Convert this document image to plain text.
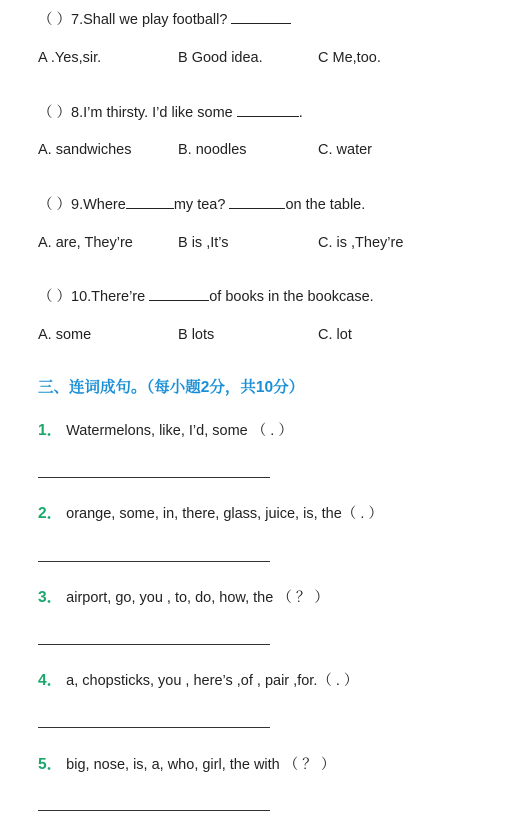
（ ）7.Shall we play football?
A .Yes,sir.	B Good idea.	C Me,too.
（ ）8.I’m thirsty. I’d like some	.
A. sandwiches	B. noodles	C. water
（ ）9.Where	my tea?	on the table.
A. are, They’re	B is ,It’s	C. is ,They’re
（ ）10.There’re	of books in the bookcase.
A. some	B lots	C. lot
三、连词成句。（每小题2分，共10分）
1． Watermelons, like, I’d, some （ . ）
2． orange, some, in, there, glass, juice, is, the（ . ）
3． airport, go, you , to, do, how, the （ ？ ）
4． a, chopsticks, you , here’s ,of , pair ,for.（ . ）
5． big, nose, is, a, who, girl, the with （ ？ ）
